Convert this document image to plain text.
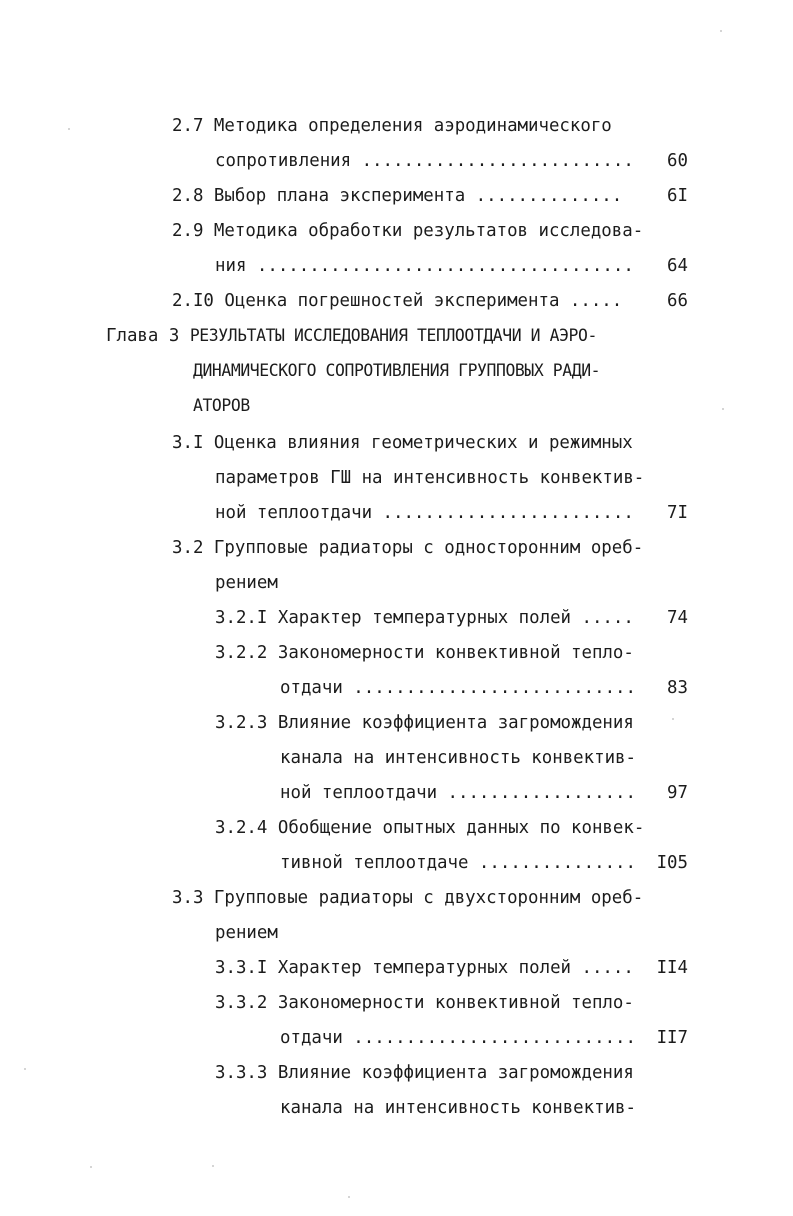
2.7 Методика определения аэродинамического
сопротивления .......................... 60
2.8 Выбор плана эксперимента ..............	6I
2.9 Методика обработки результатов исследова-
ния .................................... 64
2.I0 Оценка погрешностей эксперимента .....	66
Глава 3 РЕЗУЛЬТАТЫ ИССЛЕДОВАНИЯ ТЕПЛООТДАЧИ И АЭРО-
ДИНАМИЧЕСКОГО СОПРОТИВЛЕНИЯ ГРУППОВЫХ РАДИ-
АТОРОВ
3.I Оценка влияния геометрических и режимных
параметров ГШ на интенсивность конвектив-
ной теплоотдачи ........................ 7I
3.2 Групповые радиаторы с односторонним ореб-
рением
3.2.I Характер температурных полей ..... 74
3.2.2 Закономерности конвективной тепло-
отдачи ........................... 83
3.2.3 Влияние коэффициента загромождения
канала на интенсивность конвектив-
ной теплоотдачи .................. 97
3.2.4 Обобщение опытных данных по конвек-
тивной теплоотдаче ............... I05
3.3 Групповые радиаторы с двухсторонним ореб-
рением
3.3.I Характер температурных полей ..... II4
3.3.2 Закономерности конвективной тепло-
отдачи ........................... II7
3.3.3 Влияние коэффициента загромождения
канала на интенсивность конвектив-
